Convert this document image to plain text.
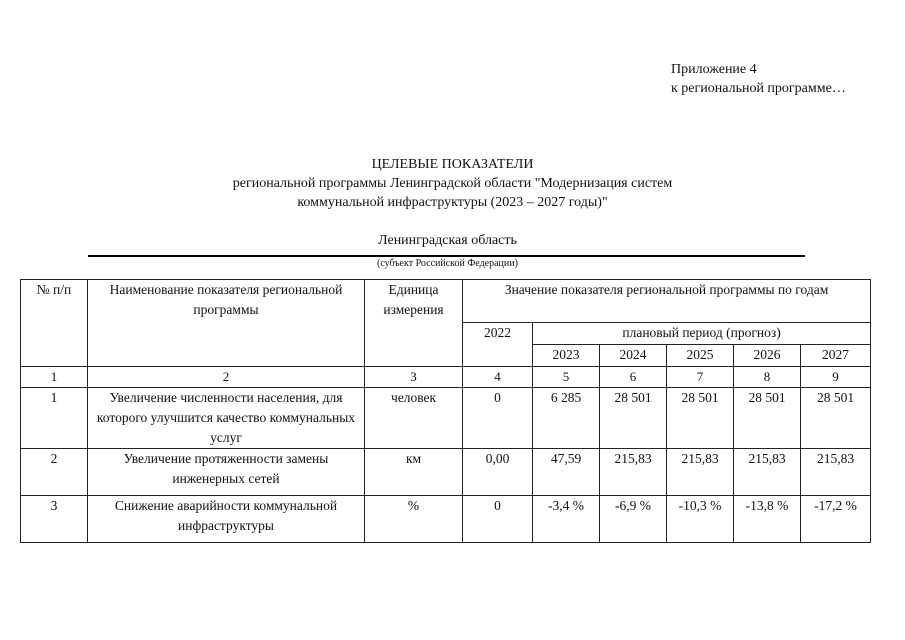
Приложение 4
к региональной программе…
ЦЕЛЕВЫЕ ПОКАЗАТЕЛИ
региональной программы Ленинградской области "Модернизация систем
коммунальной инфраструктуры (2023 – 2027 годы)"
Ленинградская область
(субъект Российской Федерации)
№ п/п	Наименование показателя региональной программы	Единица измерения	Значение показателя региональной программы по годам					
			2022	плановый период (прогноз)				
				2023	2024	2025	2026	2027
1	2	3	4	5	6	7	8	9
1	Увеличение численности населения, для которого улучшится качество коммунальных услуг	человек	0	6 285	28 501	28 501	28 501	28 501
2	Увеличение протяженности замены инженерных сетей	км	0,00	47,59	215,83	215,83	215,83	215,83
3	Снижение аварийности коммунальной инфраструктуры	%	0	-3,4 %	-6,9 %	-10,3 %	-13,8 %	-17,2 %
